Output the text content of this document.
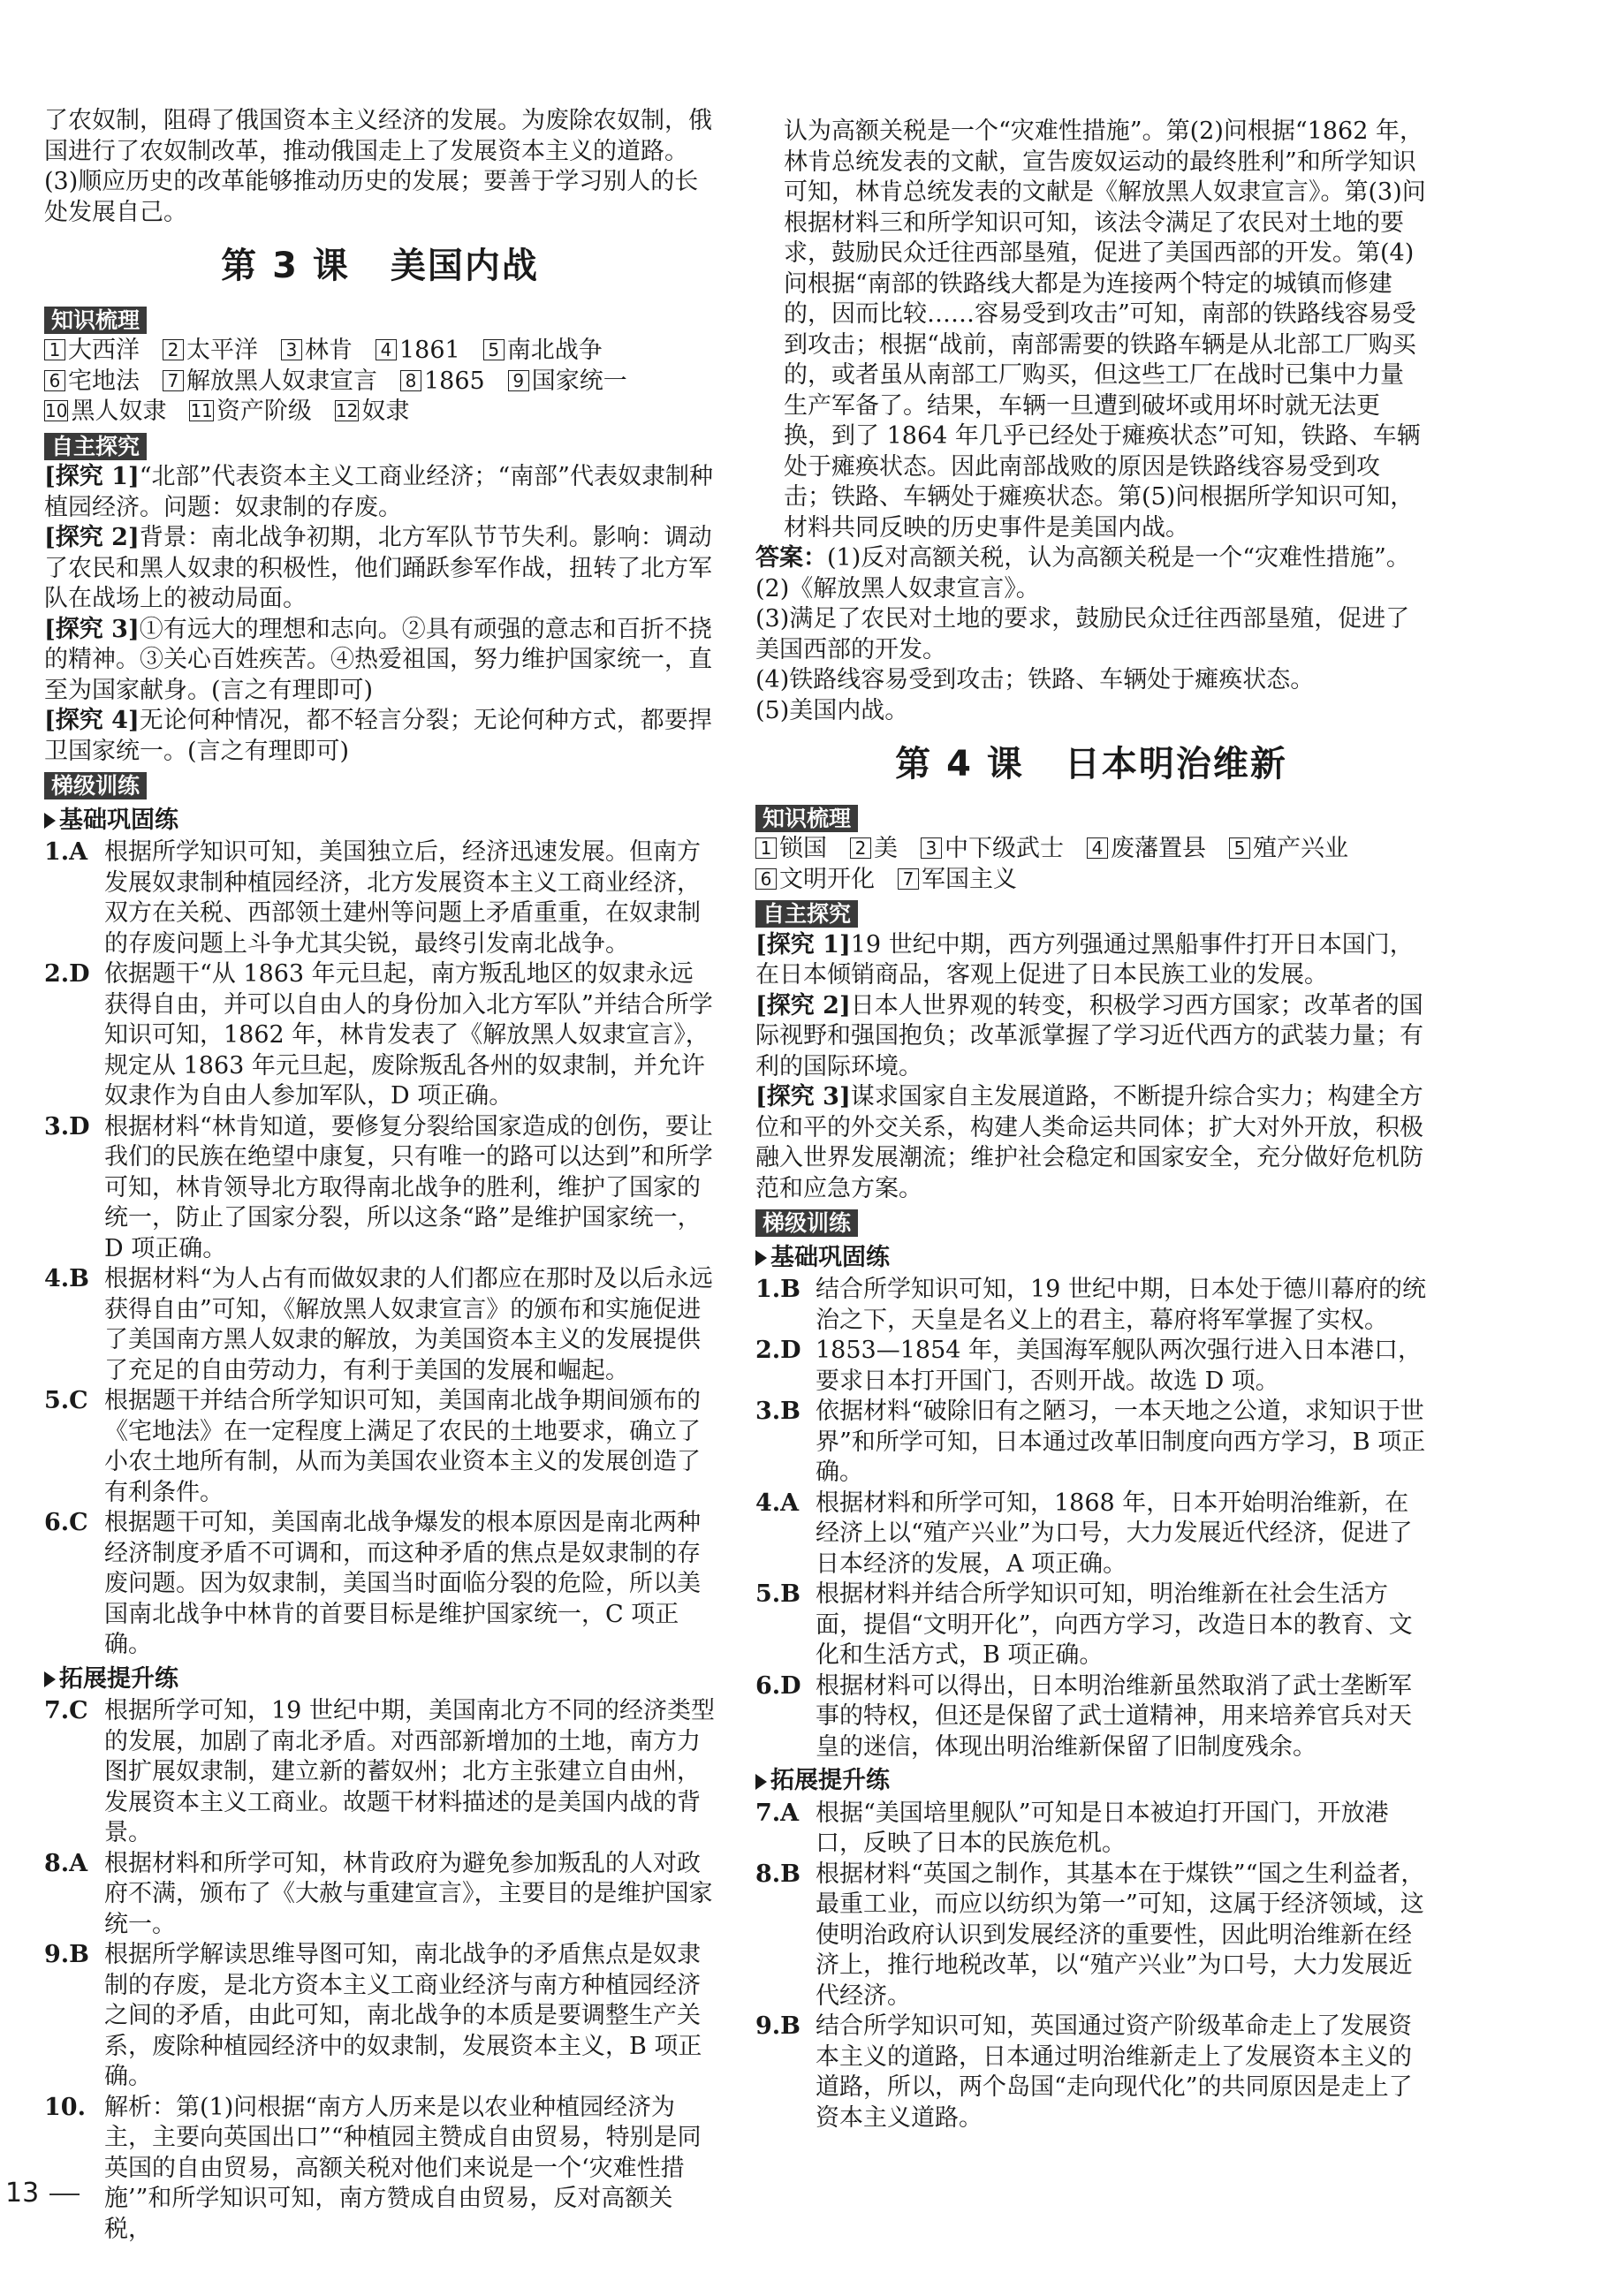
了农奴制，阻碍了俄国资本主义经济的发展。为废除农奴制，俄国进行了农奴制改革，推动俄国走上了发展资本主义的道路。

(3)顺应历史的改革能够推动历史的发展；要善于学习别人的长处发展自己。

第 3 课 美国内战
知识梳理
1 大西洋 2 太平洋 3 林肯 4 1861 5 南北战争
6 宅地法 7 解放黑人奴隶宣言 8 1865 9 国家统一
10 黑人奴隶 11 资产阶级 12 奴隶
自主探究

[探究 1]“北部”代表资本主义工商业经济；“南部”代表奴隶制种植园经济。问题：奴隶制的存废。

[探究 2]背景：南北战争初期，北方军队节节失利。影响：调动了农民和黑人奴隶的积极性，他们踊跃参军作战，扭转了北方军队在战场上的被动局面。

[探究 3]①有远大的理想和志向。②具有顽强的意志和百折不挠的精神。③关心百姓疾苦。④热爱祖国，努力维护国家统一，直至为国家献身。(言之有理即可)

[探究 4]无论何种情况，都不轻言分裂；无论何种方式，都要捍卫国家统一。(言之有理即可)

梯级训练
基础巩固练
1.A 根据所学知识可知，美国独立后，经济迅速发展。但南方发展奴隶制种植园经济，北方发展资本主义工商业经济，双方在关税、西部领土建州等问题上矛盾重重，在奴隶制的存废问题上斗争尤其尖锐，最终引发南北战争。
2.D 依据题干“从 1863 年元旦起，南方叛乱地区的奴隶永远获得自由，并可以自由人的身份加入北方军队”并结合所学知识可知，1862 年，林肯发表了《解放黑人奴隶宣言》，规定从 1863 年元旦起，废除叛乱各州的奴隶制，并允许奴隶作为自由人参加军队，D 项正确。
3.D 根据材料“林肯知道，要修复分裂给国家造成的创伤，要让我们的民族在绝望中康复，只有唯一的路可以达到”和所学可知，林肯领导北方取得南北战争的胜利，维护了国家的统一，防止了国家分裂，所以这条“路”是维护国家统一，D 项正确。
4.B 根据材料“为人占有而做奴隶的人们都应在那时及以后永远获得自由”可知，《解放黑人奴隶宣言》的颁布和实施促进了美国南方黑人奴隶的解放，为美国资本主义的发展提供了充足的自由劳动力，有利于美国的发展和崛起。
5.C 根据题干并结合所学知识可知，美国南北战争期间颁布的《宅地法》在一定程度上满足了农民的土地要求，确立了小农土地所有制，从而为美国农业资本主义的发展创造了有利条件。
6.C 根据题干可知，美国南北战争爆发的根本原因是南北两种经济制度矛盾不可调和，而这种矛盾的焦点是奴隶制的存废问题。因为奴隶制，美国当时面临分裂的危险，所以美国南北战争中林肯的首要目标是维护国家统一，C 项正确。
拓展提升练
7.C 根据所学可知，19 世纪中期，美国南北方不同的经济类型的发展，加剧了南北矛盾。对西部新增加的土地，南方力图扩展奴隶制，建立新的蓄奴州；北方主张建立自由州，发展资本主义工商业。故题干材料描述的是美国内战的背景。
8.A 根据材料和所学可知，林肯政府为避免参加叛乱的人对政府不满，颁布了《大赦与重建宣言》，主要目的是维护国家统一。
9.B 根据所学解读思维导图可知，南北战争的矛盾焦点是奴隶制的存废，是北方资本主义工商业经济与南方种植园经济之间的矛盾，由此可知，南北战争的本质是要调整生产关系，废除种植园经济中的奴隶制，发展资本主义，B 项正确。
10. 解析：第(1)问根据“南方人历来是以农业种植园经济为主，主要向英国出口”“种植园主赞成自由贸易，特别是同英国的自由贸易，高额关税对他们来说是一个‘灾难性措施’”和所学知识可知，南方赞成自由贸易，反对高额关税，

认为高额关税是一个“灾难性措施”。第(2)问根据“1862 年，林肯总统发表的文献，宣告废奴运动的最终胜利”和所学知识可知，林肯总统发表的文献是《解放黑人奴隶宣言》。第(3)问根据材料三和所学知识可知，该法令满足了农民对土地的要求，鼓励民众迁往西部垦殖，促进了美国西部的开发。第(4)问根据“南部的铁路线大都是为连接两个特定的城镇而修建的，因而比较……容易受到攻击”可知，南部的铁路线容易受到攻击；根据“战前，南部需要的铁路车辆是从北部工厂购买的，或者虽从南部工厂购买，但这些工厂在战时已集中力量生产军备了。结果，车辆一旦遭到破坏或用坏时就无法更换，到了 1864 年几乎已经处于瘫痪状态”可知，铁路、车辆处于瘫痪状态。因此南部战败的原因是铁路线容易受到攻击；铁路、车辆处于瘫痪状态。第(5)问根据所学知识可知，材料共同反映的历史事件是美国内战。

答案：(1)反对高额关税，认为高额关税是一个“灾难性措施”。

(2)《解放黑人奴隶宣言》。

(3)满足了农民对土地的要求，鼓励民众迁往西部垦殖，促进了美国西部的开发。

(4)铁路线容易受到攻击；铁路、车辆处于瘫痪状态。

(5)美国内战。

第 4 课 日本明治维新
知识梳理
1 锁国 2 美 3 中下级武士 4 废藩置县 5 殖产兴业
6 文明开化 7 军国主义
自主探究

[探究 1]19 世纪中期，西方列强通过黑船事件打开日本国门，在日本倾销商品，客观上促进了日本民族工业的发展。

[探究 2]日本人世界观的转变，积极学习西方国家；改革者的国际视野和强国抱负；改革派掌握了学习近代西方的武装力量；有利的国际环境。

[探究 3]谋求国家自主发展道路，不断提升综合实力；构建全方位和平的外交关系，构建人类命运共同体；扩大对外开放，积极融入世界发展潮流；维护社会稳定和国家安全，充分做好危机防范和应急方案。

梯级训练
基础巩固练
1.B 结合所学知识可知，19 世纪中期，日本处于德川幕府的统治之下，天皇是名义上的君主，幕府将军掌握了实权。
2.D 1853—1854 年，美国海军舰队两次强行进入日本港口，要求日本打开国门，否则开战。故选 D 项。
3.B 依据材料“破除旧有之陋习，一本天地之公道，求知识于世界”和所学可知，日本通过改革旧制度向西方学习，B 项正确。
4.A 根据材料和所学可知，1868 年，日本开始明治维新，在经济上以“殖产兴业”为口号，大力发展近代经济，促进了日本经济的发展，A 项正确。
5.B 根据材料并结合所学知识可知，明治维新在社会生活方面，提倡“文明开化”，向西方学习，改造日本的教育、文化和生活方式，B 项正确。
6.D 根据材料可以得出，日本明治维新虽然取消了武士垄断军事的特权，但还是保留了武士道精神，用来培养官兵对天皇的迷信，体现出明治维新保留了旧制度残余。
拓展提升练
7.A 根据“美国培里舰队”可知是日本被迫打开国门，开放港口，反映了日本的民族危机。
8.B 根据材料“英国之制作，其基本在于煤铁”“国之生利益者，最重工业，而应以纺织为第一”可知，这属于经济领域，这使明治政府认识到发展经济的重要性，因此明治维新在经济上，推行地税改革，以“殖产兴业”为口号，大力发展近代经济。
9.B 结合所学知识可知，英国通过资产阶级革命走上了发展资本主义的道路，日本通过明治维新走上了发展资本主义的道路，所以，两个岛国“走向现代化”的共同原因是走上了资本主义道路。
13
